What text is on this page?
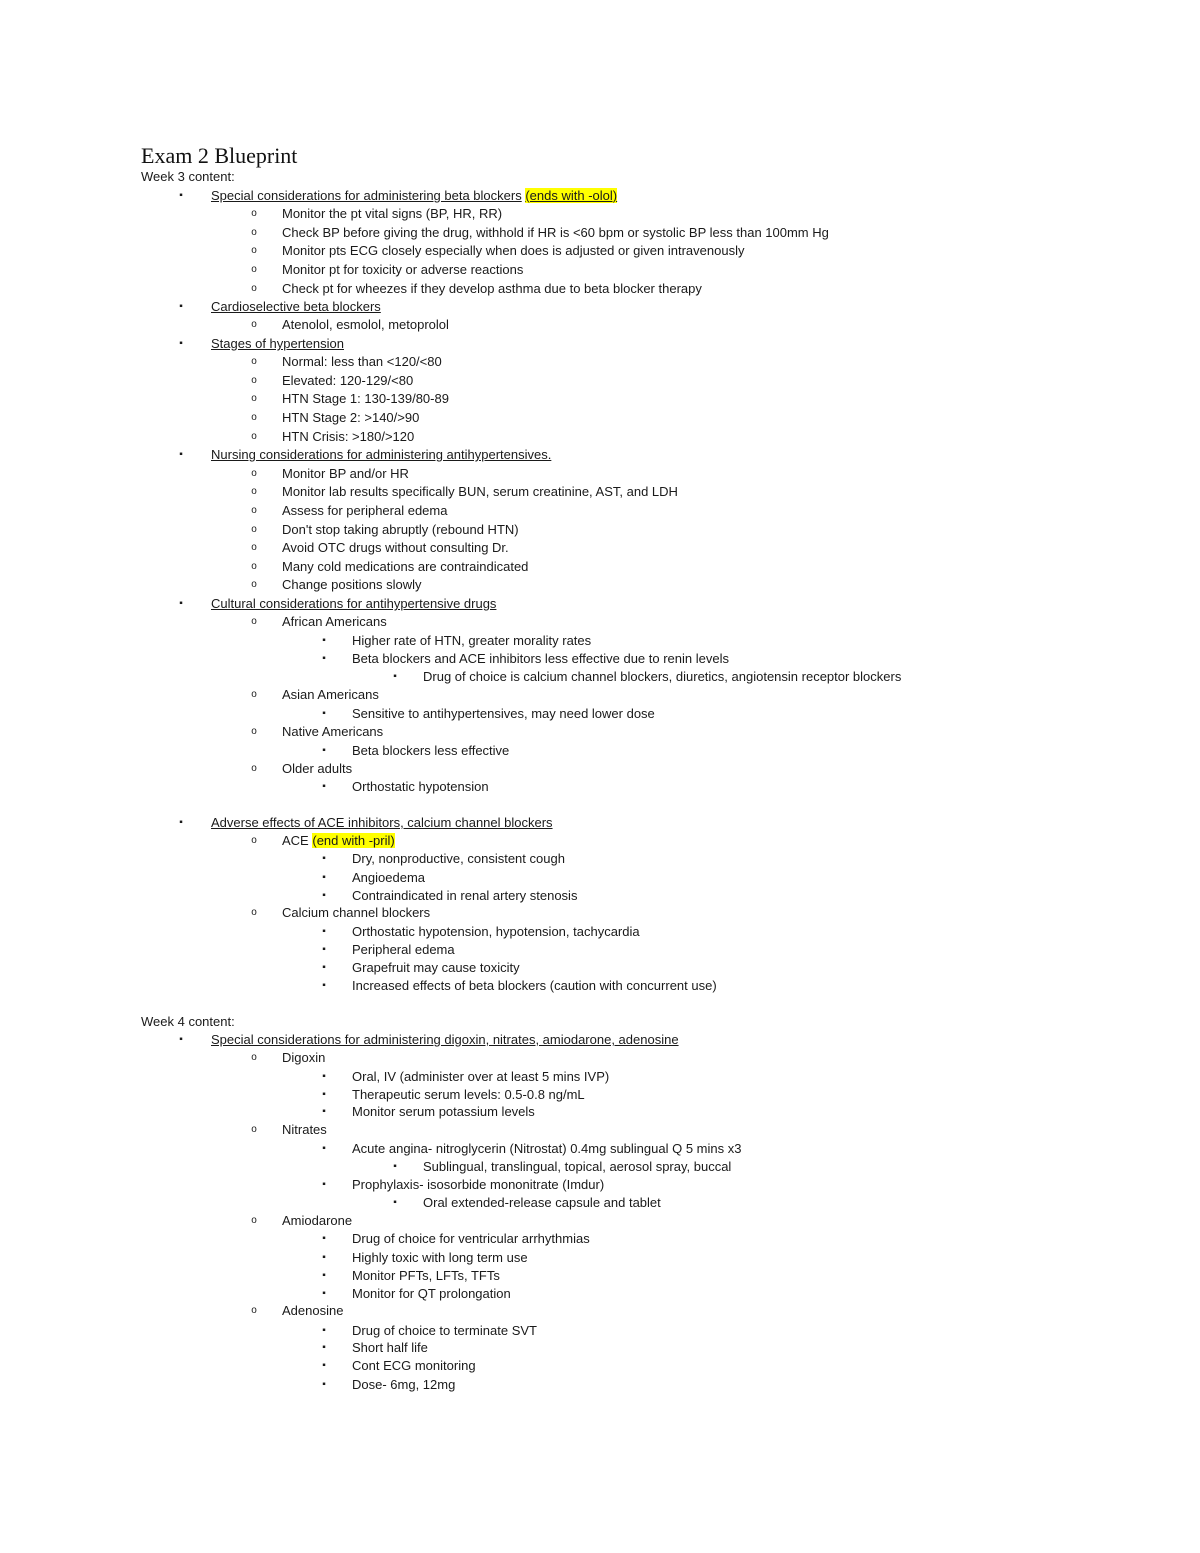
Exam 2 Blueprint
Week 3 content:
▪	Special considerations for administering beta blockers (ends with -olol)
o Monitor the pt vital signs (BP, HR, RR)
o Check BP before giving the drug, withhold if HR is <60 bpm or systolic BP less than 100mm Hg
o Monitor pts ECG closely especially when does is adjusted or given intravenously
o Monitor pt for toxicity or adverse reactions
o Check pt for wheezes if they develop asthma due to beta blocker therapy
▪	Cardioselective beta blockers
o Atenolol, esmolol, metoprolol
▪	Stages of hypertension
o Normal: less than <120/<80
o Elevated: 120-129/<80
o HTN Stage 1: 130-139/80-89
o HTN Stage 2: >140/>90
o HTN Crisis: >180/>120
▪	Nursing considerations for administering antihypertensives.
o Monitor BP and/or HR
o Monitor lab results specifically BUN, serum creatinine, AST, and LDH
o Assess for peripheral edema
o Don't stop taking abruptly (rebound HTN)
o Avoid OTC drugs without consulting Dr.
o Many cold medications are contraindicated
o Change positions slowly
▪	Cultural considerations for antihypertensive drugs
o African Americans
▪	Higher rate of HTN, greater morality rates
▪	Beta blockers and ACE inhibitors less effective due to renin levels
▪	Drug of choice is calcium channel blockers, diuretics, angiotensin receptor blockers
o Asian Americans
▪	Sensitive to antihypertensives, may need lower dose
o Native Americans
▪	Beta blockers less effective
o Older adults
▪	Orthostatic hypotension
▪	Adverse effects of ACE inhibitors, calcium channel blockers
o ACE (end with -pril)
▪	Dry, nonproductive, consistent cough
▪	Angioedema
▪	Contraindicated in renal artery stenosis
o Calcium channel blockers
▪	Orthostatic hypotension, hypotension, tachycardia
▪	Peripheral edema
▪	Grapefruit may cause toxicity
▪	Increased effects of beta blockers (caution with concurrent use)
Week 4 content:
▪	Special considerations for administering digoxin, nitrates, amiodarone, adenosine
o Digoxin
▪	Oral, IV (administer over at least 5 mins IVP)
▪	Therapeutic serum levels: 0.5-0.8 ng/mL
▪	Monitor serum potassium levels
o Nitrates
▪	Acute angina- nitroglycerin (Nitrostat) 0.4mg sublingual Q 5 mins x3
▪	Sublingual, translingual, topical, aerosol spray, buccal
▪	Prophylaxis- isosorbide mononitrate (Imdur)
▪	Oral extended-release capsule and tablet
o Amiodarone
▪	Drug of choice for ventricular arrhythmias
▪	Highly toxic with long term use
▪	Monitor PFTs, LFTs, TFTs
▪	Monitor for QT prolongation
o Adenosine
▪	Drug of choice to terminate SVT
▪	Short half life
▪	Cont ECG monitoring
▪	Dose- 6mg, 12mg
